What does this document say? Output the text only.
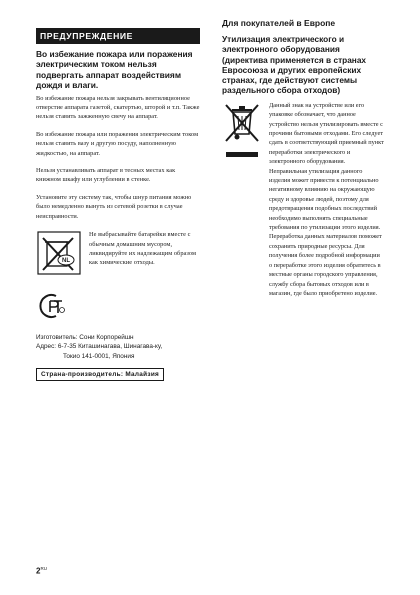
ПРЕДУПРЕЖДЕНИЕ
Во избежание пожара или поражения электрическим током нельзя подвергать аппарат воздействиям дождя и влаги.
Во избежание пожара нельзя закрывать вентиляционное отверстие аппарата газетой, скатертью, шторой и т.п. Также нельзя ставить зажженную свечу на аппарат.
Во избежание пожара или поражения электрическим током нельзя ставить вазу и другую посуду, наполненную жидкостью, на аппарат.
Нельзя устанавливать аппарат в тесных местах как книжном шкафу или углублении в стенке.
Установите эту систему так, чтобы шнур питания можно было немедленно вынуть из сетевой розетки в случае неисправности.
NL
Не выбрасывайте батарейки вместе с обычным домашним мусором, ликвидируйте их надлежащим образом как химические отходы.
Изготовитель: Сони Корпорейшн
Адрес: 6-7-35 Киташинагава, Шинагава-ку,

Токио 141-0001, Япония
Страна-производитель: Малайзия
Для покупателей в Европе
Утилизация электрического и электронного оборудования (директива применяется в странах Евросоюза и других европейских странах, где действуют системы раздельного сбора отходов)
Данный знак на устройстве или его упаковке обозначает, что данное устройство нельзя утилизировать вместе с прочими бытовыми отходами. Его следует сдать в соответствующий приемный пункт переработки электрического и электронного оборудования. Неправильная утилизация данного изделия может привести к потенциально негативному влиянию на окружающую среду и здоровье людей, поэтому для предотвращения подобных последствий необходимо выполнять специальные требования по утилизации этого изделия. Переработка данных материалов поможет сохранить природные ресурсы. Для получения более подробной информации о переработке этого изделия обратитесь в местные органы городского управления, службу сбора бытовых отходов или в магазин, где было приобретено изделие.
$2^{RU}$
